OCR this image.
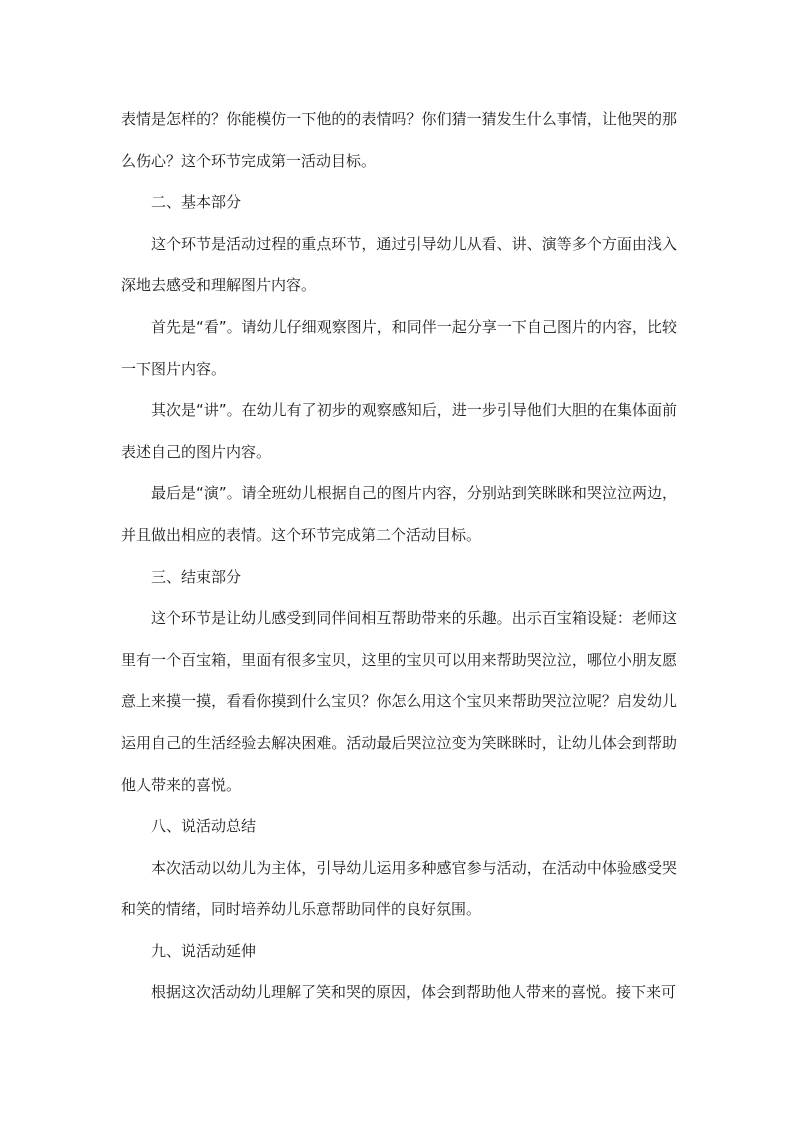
表情是怎样的？你能模仿一下他的的表情吗？你们猜一猜发生什么事情，让他哭的那么伤心？这个环节完成第一活动目标。

二、基本部分

这个环节是活动过程的重点环节，通过引导幼儿从看、讲、演等多个方面由浅入深地去感受和理解图片内容。

首先是“看”。请幼儿仔细观察图片，和同伴一起分享一下自己图片的内容，比较一下图片内容。

其次是“讲”。在幼儿有了初步的观察感知后，进一步引导他们大胆的在集体面前表述自己的图片内容。

最后是“演”。请全班幼儿根据自己的图片内容，分别站到笑眯眯和哭泣泣两边，并且做出相应的表情。这个环节完成第二个活动目标。

三、结束部分

这个环节是让幼儿感受到同伴间相互帮助带来的乐趣。出示百宝箱设疑：老师这里有一个百宝箱，里面有很多宝贝，这里的宝贝可以用来帮助哭泣泣，哪位小朋友愿意上来摸一摸，看看你摸到什么宝贝？你怎么用这个宝贝来帮助哭泣泣呢？启发幼儿运用自己的生活经验去解决困难。活动最后哭泣泣变为笑眯眯时，让幼儿体会到帮助他人带来的喜悦。

八、说活动总结

本次活动以幼儿为主体，引导幼儿运用多种感官参与活动，在活动中体验感受哭和笑的情绪，同时培养幼儿乐意帮助同伴的良好氛围。

九、说活动延伸

根据这次活动幼儿理解了笑和哭的原因，体会到帮助他人带来的喜悦。接下来可
